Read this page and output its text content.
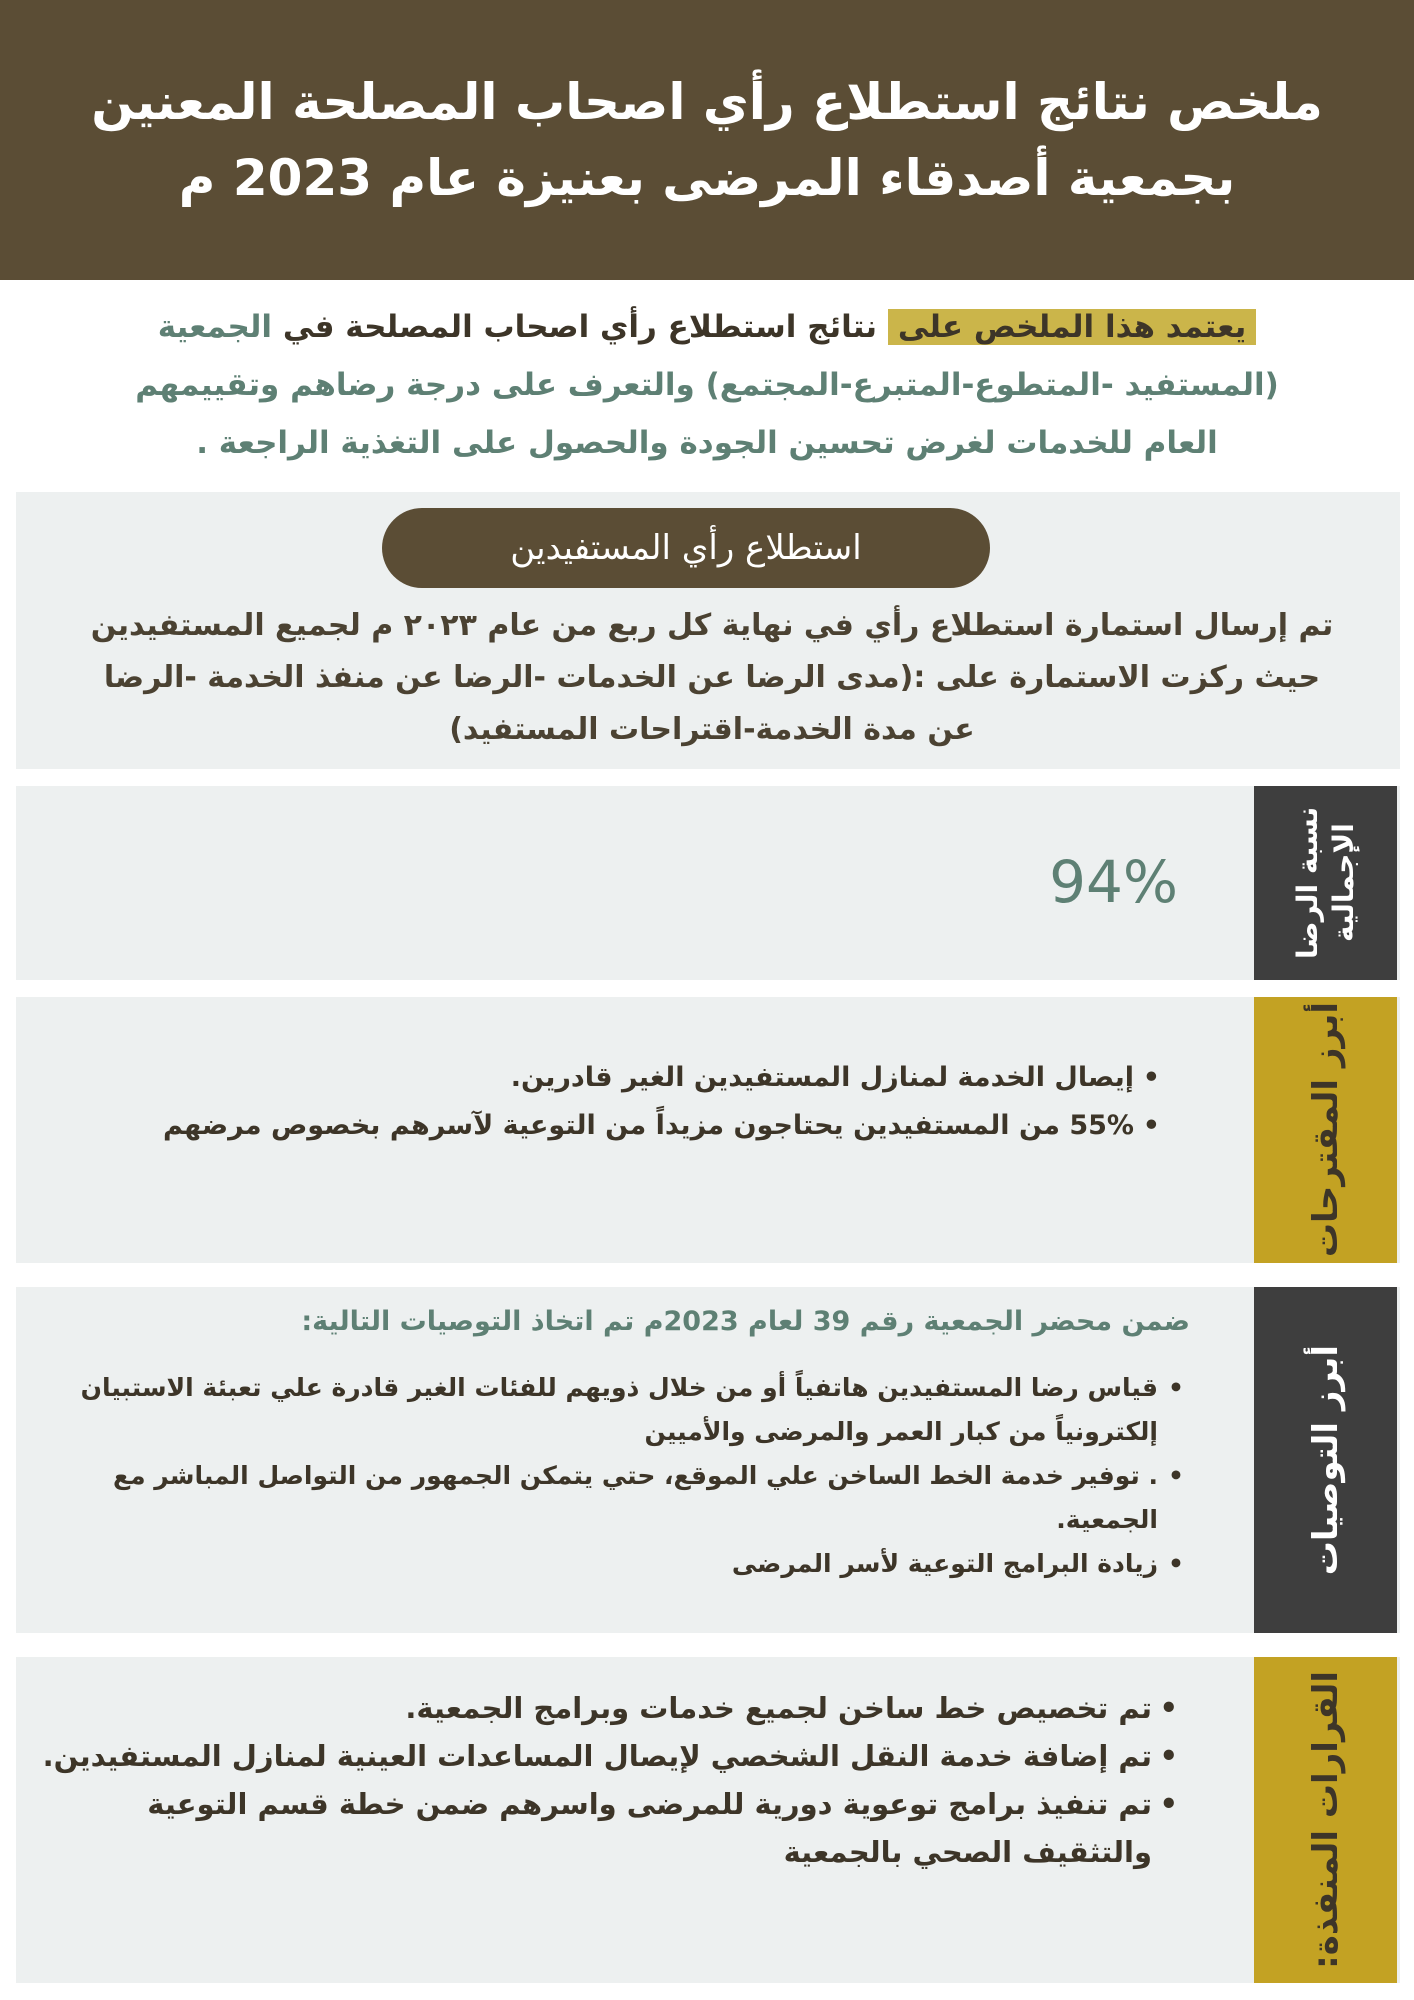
ملخص نتائج استطلاع رأي اصحاب المصلحة المعنين
بجمعية أصدقاء المرضى بعنيزة عام 2023 م
يعتمد هذا الملخص على نتائج استطلاع رأي اصحاب المصلحة في الجمعية
(المستفيد -المتطوع-المتبرع-المجتمع) والتعرف على درجة رضاهم وتقييمهم
العام للخدمات لغرض تحسين الجودة والحصول على التغذية الراجعة .
استطلاع رأي المستفيدين
تم إرسال استمارة استطلاع رأي في نهاية كل ربع من عام ٢٠٢٣ م لجميع المستفيدين
حيث ركزت الاستمارة على :(مدى الرضا عن الخدمات -الرضا عن منفذ الخدمة -الرضا
عن مدة الخدمة-اقتراحات المستفيد)
نسبة الرضا الإجمالية
94%
أبرز المقترحات
• إيصال الخدمة لمنازل المستفيدين الغير قادرين.
• 55% من المستفيدين يحتاجون مزيداً من التوعية لآسرهم بخصوص مرضهم
أبرز التوصيات
ضمن محضر الجمعية رقم 39 لعام 2023م تم اتخاذ التوصيات التالية:
• قياس رضا المستفيدين هاتفياً أو من خلال ذويهم للفئات الغير قادرة علي تعبئة الاستبيان إلكترونياً من كبار العمر والمرضى والأميين
• . توفير خدمة الخط الساخن علي الموقع، حتي يتمكن الجمهور من التواصل المباشر مع الجمعية.
• زيادة البرامج التوعية لأسر المرضى
القرارات المنفذة:
• تم تخصيص خط ساخن لجميع خدمات وبرامج الجمعية.
• تم إضافة خدمة النقل الشخصي لإيصال المساعدات العينية لمنازل المستفيدين.
• تم تنفيذ برامج توعوية دورية للمرضى واسرهم ضمن خطة قسم التوعية والتثقيف الصحي بالجمعية
